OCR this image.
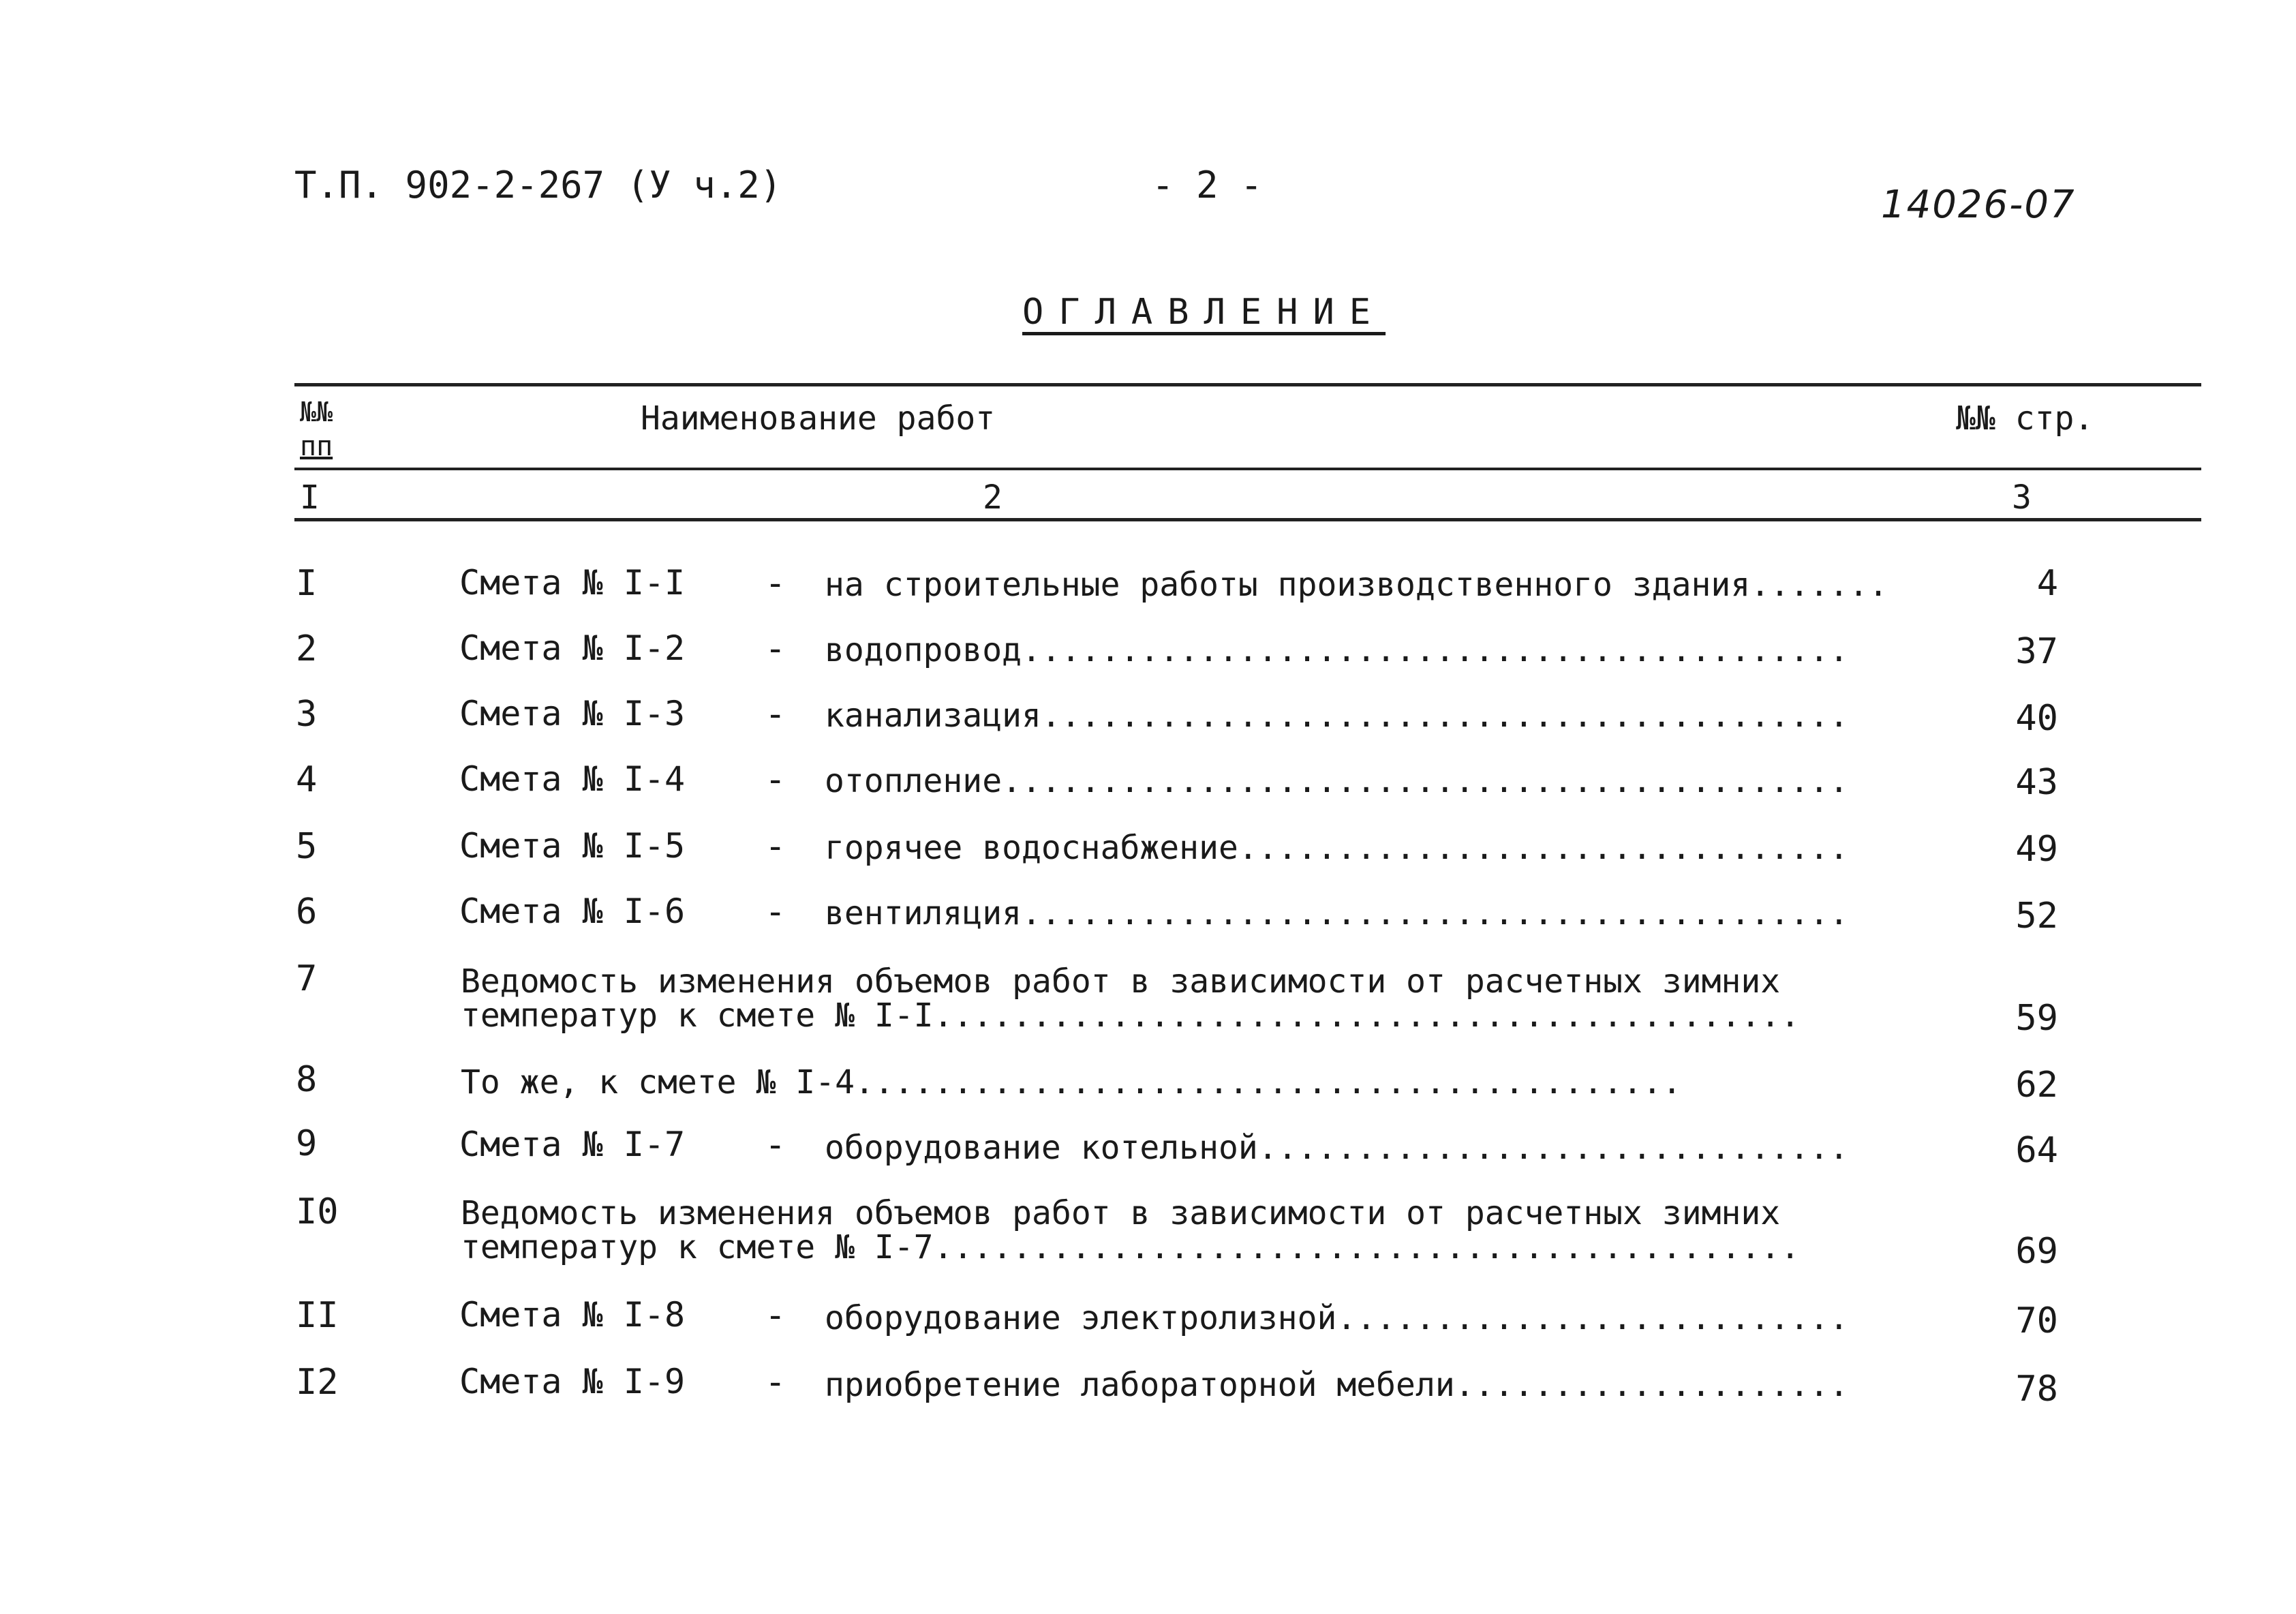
Т.П. 902-2-267 (У ч.2)	- 2 -	14026-07
ОГЛАВЛЕНИЕ
№№
пп
Наименование работ	№№ стр.
I	2	3
I	Смета № I-I - на строительные работы производственного здания.......	4
2	Смета № I-2 - водопровод..........................................	37
3	Смета № I-3 - канализация.........................................	40
4	Смета № I-4 - отопление...........................................	43
5	Смета № I-5 - горячее водоснабжение...............................	49
6	Смета № I-6 - вентиляция..........................................	52
7	Ведомость изменения объемов работ в зависимости от расчетных зимних
температур к смете № I-I............................................	59
8	То же, к смете № I-4..........................................	62
9	Смета № I-7 - оборудование котельной..............................	64
I0	Ведомость изменения объемов работ в зависимости от расчетных зимних
температур к смете № I-7............................................	69
II	Смета № I-8 - оборудование электролизной..........................	70
I2	Смета № I-9 - приобретение лабораторной мебели....................	78
